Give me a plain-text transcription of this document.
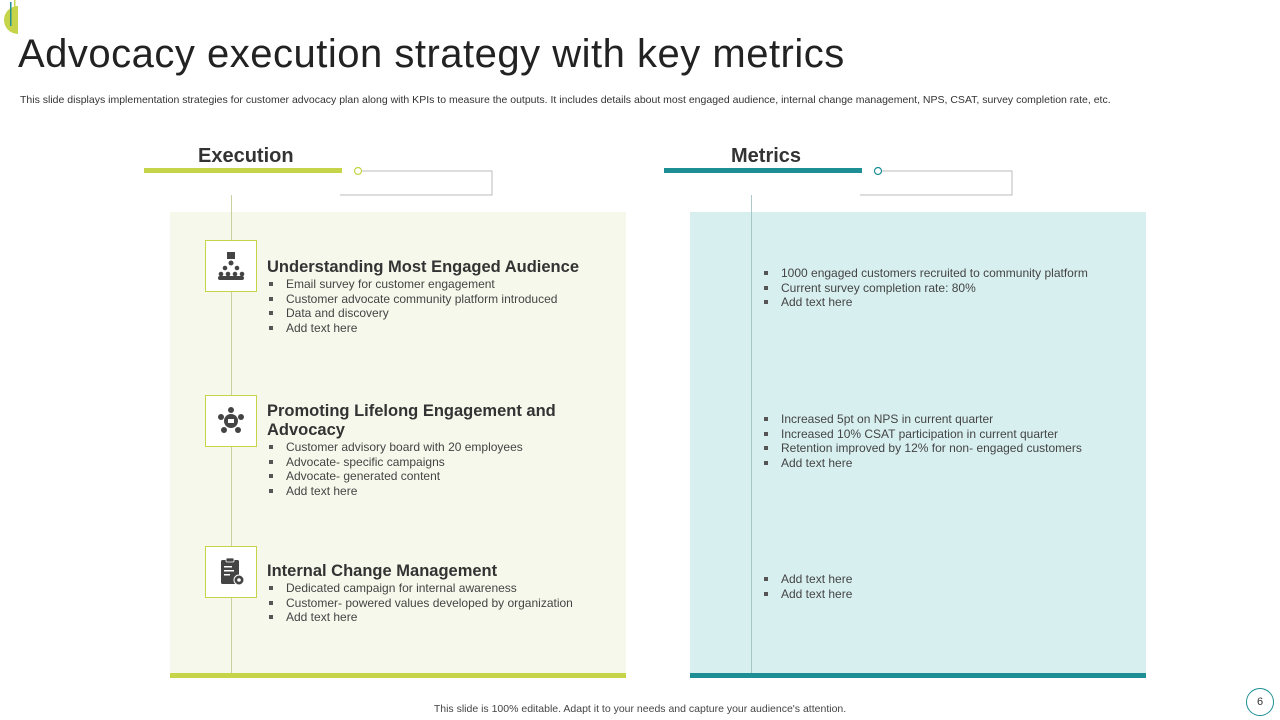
Advocacy execution strategy with key metrics
This slide displays implementation strategies for customer advocacy plan along with KPIs to measure the outputs. It includes details about most engaged audience, internal change management, NPS, CSAT, survey completion rate, etc.
Execution	Metrics
Understanding Most Engaged Audience
Email survey for customer engagement
Customer advocate community platform introduced
Data and discovery
Add text here
Promoting Lifelong Engagement and Advocacy
Customer advisory board with 20 employees
Advocate- specific campaigns
Advocate- generated content
Add text here
Internal Change Management
Dedicated campaign for internal awareness
Customer- powered values developed by organization
Add text here
1000 engaged customers recruited to community platform
Current survey completion rate: 80%
Add text here
Increased 5pt on NPS in current quarter
Increased 10% CSAT participation in current quarter
Retention improved by 12% for non- engaged customers
Add text here
Add text here
Add text here
This slide is 100% editable. Adapt it to your needs and capture your audience's attention.
6
